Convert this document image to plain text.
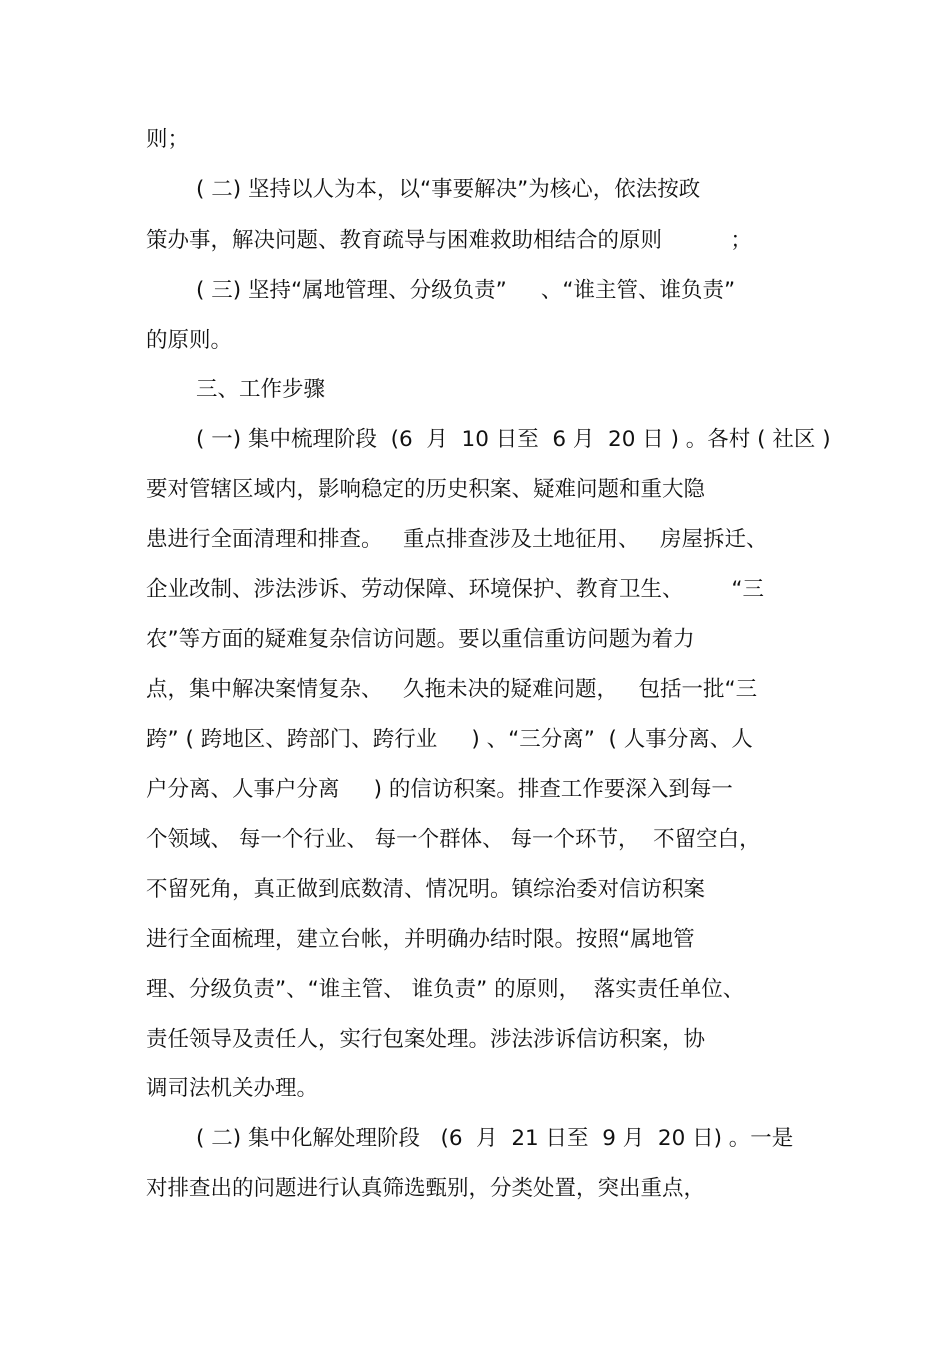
则；
( 二) 坚持以人为本，以“事要解决”为核心，依法按政
策办事，解决问题、教育疏导与困难救助相结合的原则          ；
( 三) 坚持“属地管理、分级负责”     、“谁主管、谁负责”
的原则。
三、工作步骤
( 一) 集中梳理阶段  (6  月  10 日至  6 月  20 日 ) 。各村 ( 社区 )
要对管辖区域内，影响稳定的历史积案、疑难问题和重大隐
患进行全面清理和排查。   重点排查涉及土地征用、   房屋拆迁、
企业改制、涉法涉诉、劳动保障、环境保护、教育卫生、       “三
农”等方面的疑难复杂信访问题。要以重信重访问题为着力
点，集中解决案情复杂、   久拖未决的疑难问题，   包括一批“三
跨” ( 跨地区、跨部门、跨行业     ) 、“三分离”  ( 人事分离、人
户分离、人事户分离     ) 的信访积案。排查工作要深入到每一
个领域、 每一个行业、 每一个群体、 每一个环节，  不留空白，
不留死角，真正做到底数清、情况明。镇综治委对信访积案
进行全面梳理，建立台帐，并明确办结时限。按照“属地管
理、分级负责”、“谁主管、 谁负责” 的原则，  落实责任单位、
责任领导及责任人，实行包案处理。涉法涉诉信访积案，协
调司法机关办理。
( 二) 集中化解处理阶段   (6  月  21 日至  9 月  20 日) 。一是
对排查出的问题进行认真筛选甄别，分类处置，突出重点，
